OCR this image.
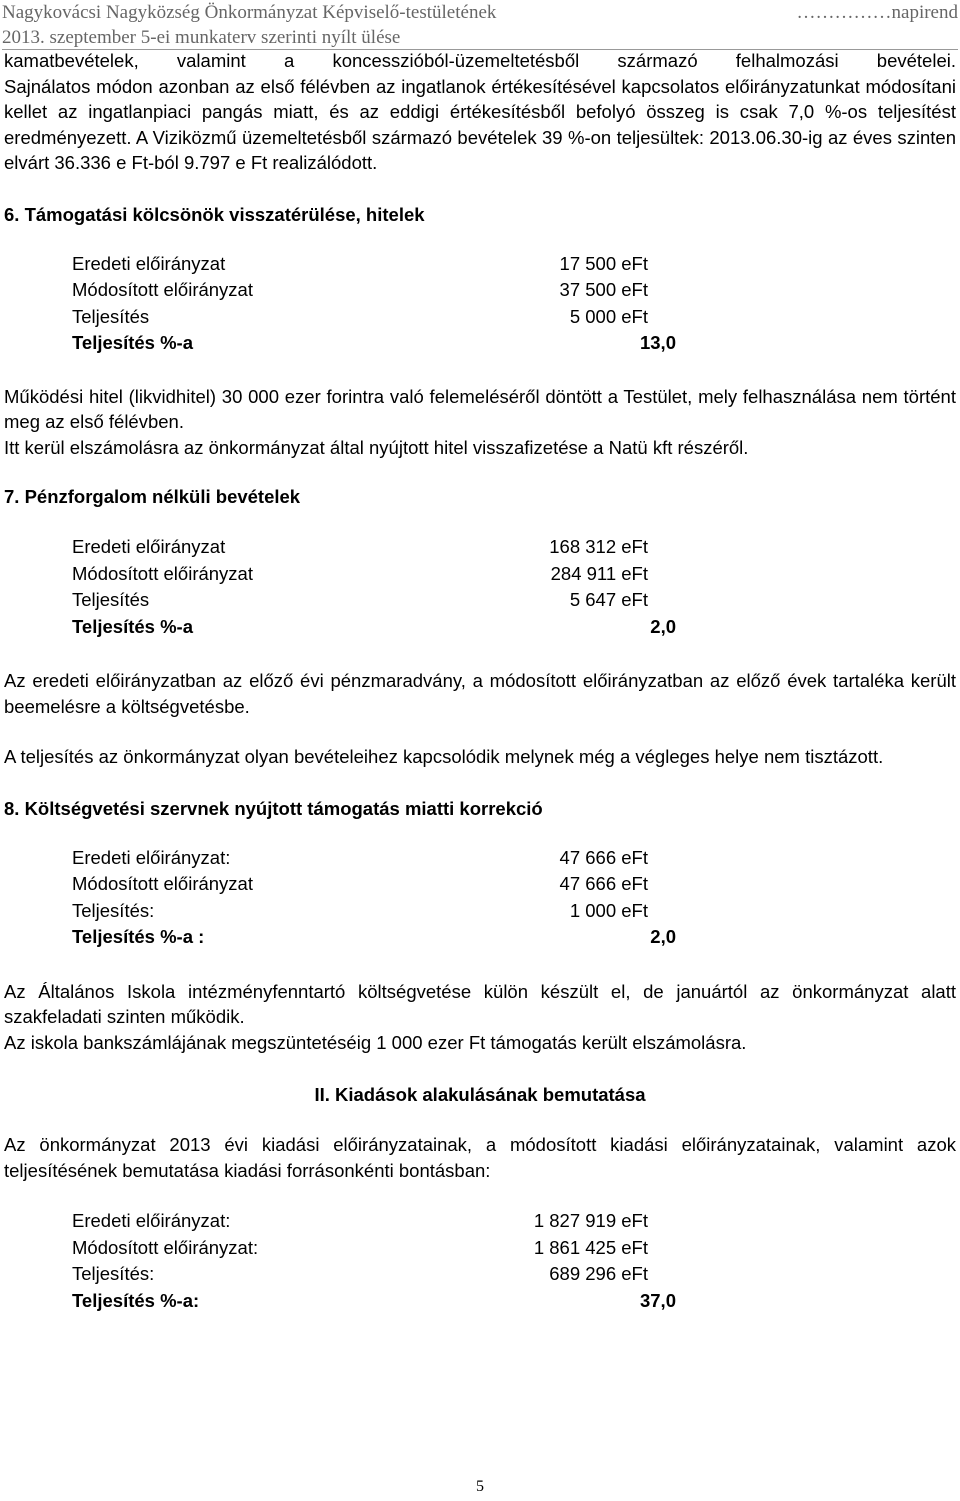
Nagykovácsi Nagyközség Önkormányzat Képviselő-testületének	……………napirend
2013. szeptember 5-ei munkaterv szerinti nyílt ülése

kamatbevételek, valamint a koncesszióból-üzemeltetésből származó felhalmozási bevételei.

Sajnálatos módon azonban az első félévben az ingatlanok értékesítésével kapcsolatos előirányzatunkat módosítani kellet az ingatlanpiaci pangás miatt, és az eddigi értékesítésből befolyó összeg is csak 7,0 %-os teljesítést eredményezett. A Viziközmű üzemeltetésből származó bevételek 39 %-on teljesültek: 2013.06.30-ig az éves szinten elvárt 36.336 e Ft-ból 9.797 e Ft realizálódott.

6. Támogatási kölcsönök visszatérülése, hitelek

Eredeti előirányzat	17 500 eFt
Módosított előirányzat	37 500 eFt
Teljesítés	5 000 eFt
Teljesítés %-a	13,0

Működési hitel (likvidhitel) 30 000 ezer forintra való felemeléséről döntött a Testület, mely felhasználása nem történt meg az első félévben.

Itt kerül elszámolásra az önkormányzat által nyújtott hitel visszafizetése a Natü kft részéről.

7. Pénzforgalom nélküli bevételek

Eredeti előirányzat	168 312 eFt
Módosított előirányzat	284 911 eFt
Teljesítés	5 647 eFt
Teljesítés %-a	2,0

Az eredeti előirányzatban az előző évi pénzmaradvány, a módosított előirányzatban az előző évek tartaléka került beemelésre a költségvetésbe.

A teljesítés az önkormányzat olyan bevételeihez kapcsolódik melynek még a végleges helye nem tisztázott.

8. Költségvetési szervnek nyújtott támogatás miatti korrekció

Eredeti előirányzat:	47 666 eFt
Módosított előirányzat	47 666 eFt
Teljesítés:	1 000 eFt
Teljesítés %-a :	2,0

Az Általános Iskola intézményfenntartó költségvetése külön készült el, de januártól az önkormányzat alatt szakfeladati szinten működik.

Az iskola bankszámlájának megszüntetéséig 1 000 ezer Ft támogatás került elszámolásra.

II. Kiadások alakulásának bemutatása

Az önkormányzat 2013 évi kiadási előirányzatainak, a módosított kiadási előirányzatainak, valamint azok teljesítésének bemutatása kiadási forrásonkénti bontásban:

Eredeti előirányzat:	1 827 919 eFt
Módosított előirányzat:	1 861 425 eFt
Teljesítés:	689 296 eFt
Teljesítés %-a:	37,0
5
